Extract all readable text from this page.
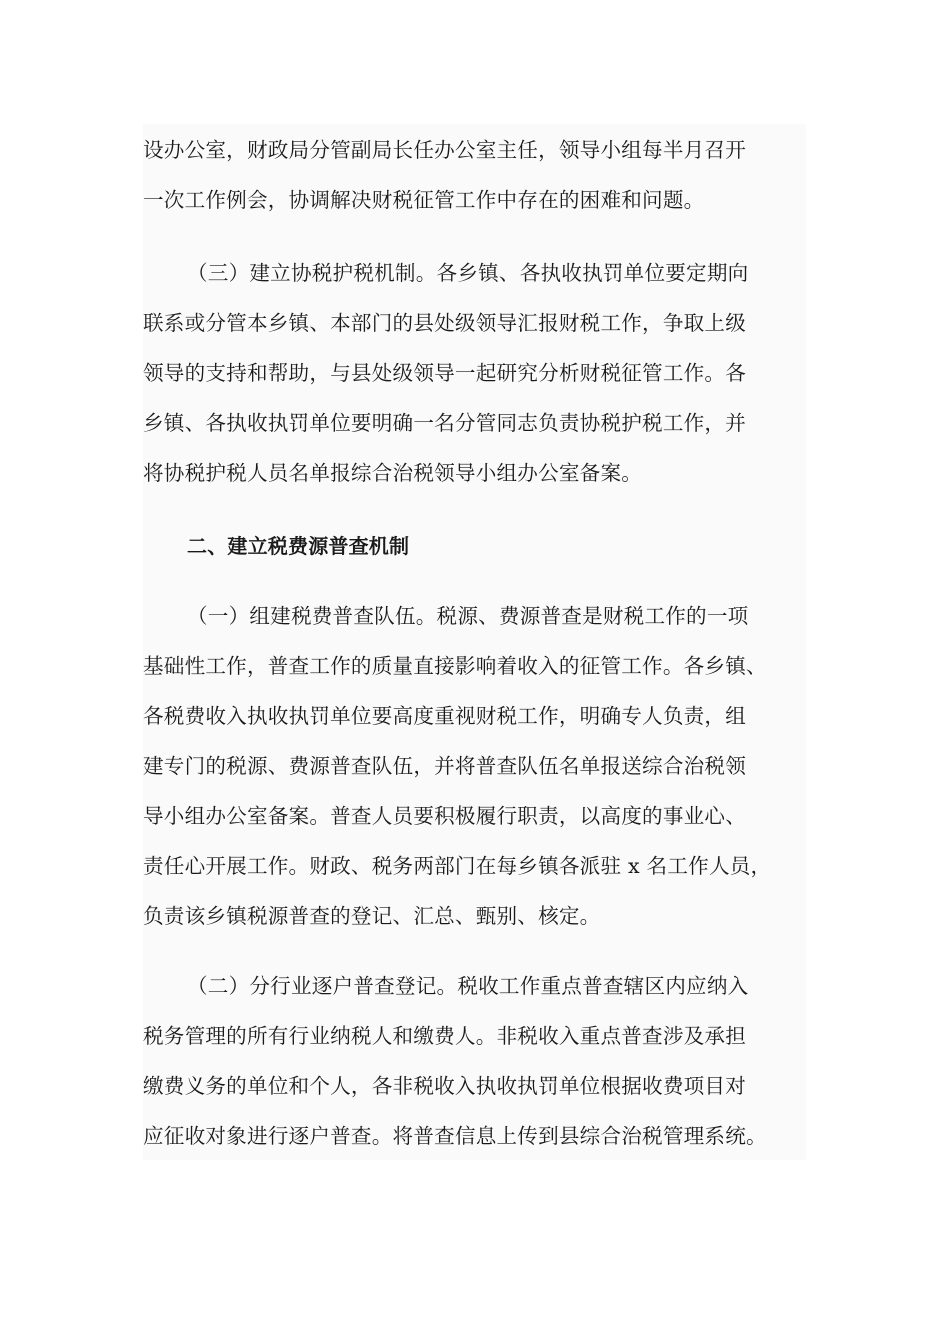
设办公室，财政局分管副局长任办公室主任，领导小组每半月召开
一次工作例会，协调解决财税征管工作中存在的困难和问题。
（三）建立协税护税机制。各乡镇、各执收执罚单位要定期向
联系或分管本乡镇、本部门的县处级领导汇报财税工作，争取上级
领导的支持和帮助，与县处级领导一起研究分析财税征管工作。各
乡镇、各执收执罚单位要明确一名分管同志负责协税护税工作，并
将协税护税人员名单报综合治税领导小组办公室备案。
二、建立税费源普查机制
（一）组建税费普查队伍。税源、费源普查是财税工作的一项
基础性工作，普查工作的质量直接影响着收入的征管工作。各乡镇、
各税费收入执收执罚单位要高度重视财税工作，明确专人负责，组
建专门的税源、费源普查队伍，并将普查队伍名单报送综合治税领
导小组办公室备案。普查人员要积极履行职责，以高度的事业心、
责任心开展工作。财政、税务两部门在每乡镇各派驻 x 名工作人员，
负责该乡镇税源普查的登记、汇总、甄别、核定。
（二）分行业逐户普查登记。税收工作重点普查辖区内应纳入
税务管理的所有行业纳税人和缴费人。非税收入重点普查涉及承担
缴费义务的单位和个人，各非税收入执收执罚单位根据收费项目对
应征收对象进行逐户普查。将普查信息上传到县综合治税管理系统。
